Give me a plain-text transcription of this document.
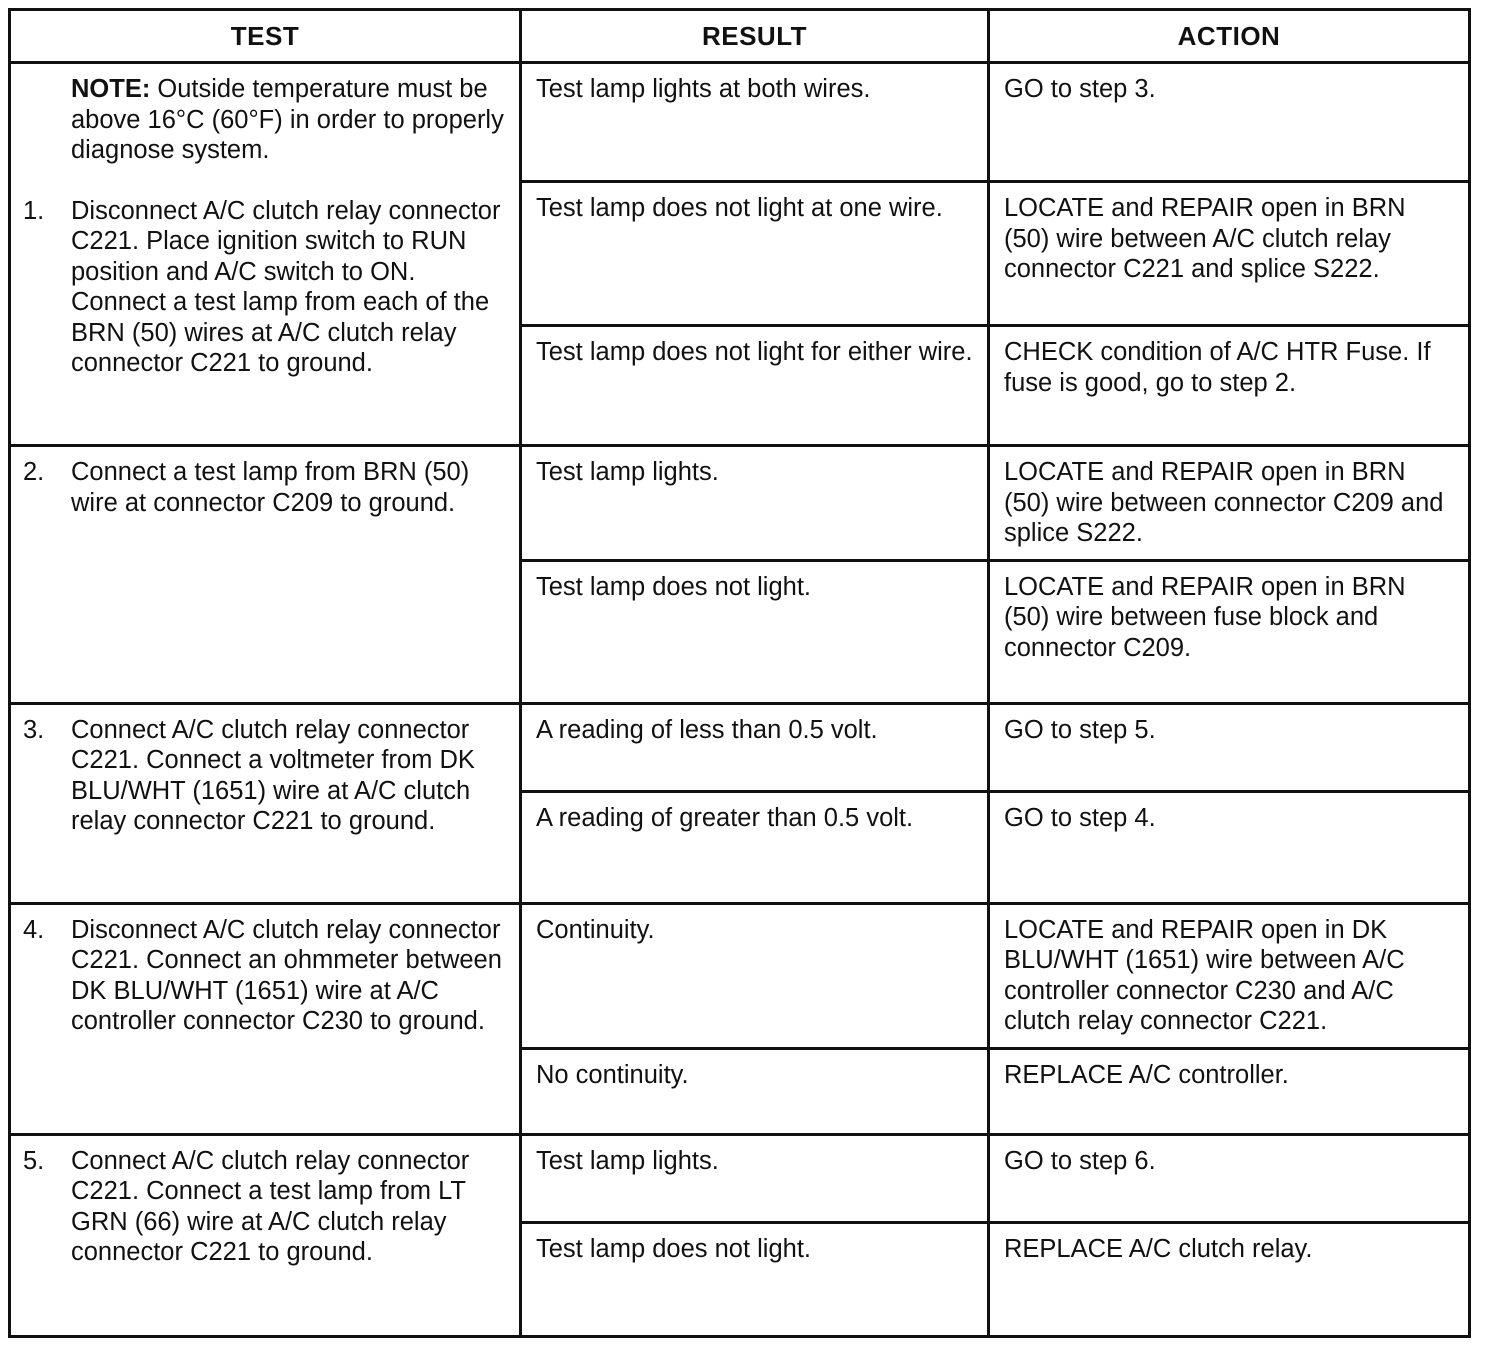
TEST	RESULT	ACTION

NOTE: Outside temperature must be above 16°C (60°F) in order to properly diagnose system.
1. Disconnect A/C clutch relay connector C221. Place ignition switch to RUN position and A/C switch to ON. Connect a test lamp from each of the BRN (50) wires at A/C clutch relay connector C221 to ground.	Test lamp lights at both wires.	GO to step 3.

	Test lamp does not light at one wire.	LOCATE and REPAIR open in BRN (50) wire between A/C clutch relay connector C221 and splice S222.

	Test lamp does not light for either wire.	CHECK condition of A/C HTR Fuse. If fuse is good, go to step 2.

2. Connect a test lamp from BRN (50) wire at connector C209 to ground.	Test lamp lights.	LOCATE and REPAIR open in BRN (50) wire between connector C209 and splice S222.

	Test lamp does not light.	LOCATE and REPAIR open in BRN (50) wire between fuse block and connector C209.

3. Connect A/C clutch relay connector C221. Connect a voltmeter from DK BLU/WHT (1651) wire at A/C clutch relay connector C221 to ground.	A reading of less than 0.5 volt.	GO to step 5.

	A reading of greater than 0.5 volt.	GO to step 4.

4. Disconnect A/C clutch relay connector C221. Connect an ohmmeter between DK BLU/WHT (1651) wire at A/C controller connector C230 to ground.	Continuity.	LOCATE and REPAIR open in DK BLU/WHT (1651) wire between A/C controller connector C230 and A/C clutch relay connector C221.

	No continuity.	REPLACE A/C controller.

5. Connect A/C clutch relay connector C221. Connect a test lamp from LT GRN (66) wire at A/C clutch relay connector C221 to ground.	Test lamp lights.	GO to step 6.

	Test lamp does not light.	REPLACE A/C clutch relay.
